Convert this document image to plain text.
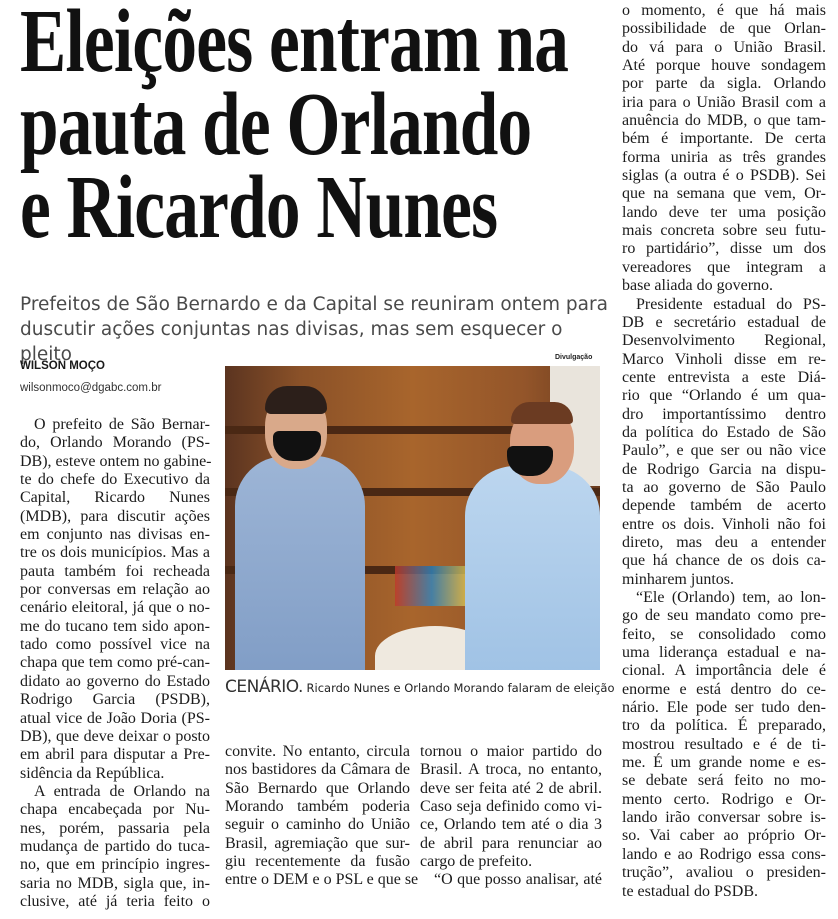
Eleições entram na
pauta de Orlando
e Ricardo Nunes
Prefeitos de São Bernardo e da Capital se reuniram ontem para
duscutir ações conjuntas nas divisas, mas sem esquecer o pleito
WILSON MOÇO
wilsonmoco@dgabc.com.br
Divulgação
CENÁRIO. Ricardo Nunes e Orlando Morando falaram de eleição
O prefeito de São Bernar-
do, Orlando Morando (PS-
DB), esteve ontem no gabine-
te do chefe do Executivo da
Capital, Ricardo Nunes
(MDB), para discutir ações
em conjunto nas divisas en-
tre os dois municípios. Mas a
pauta também foi recheada
por conversas em relação ao
cenário eleitoral, já que o no-
me do tucano tem sido apon-
tado como possível vice na
chapa que tem como pré-can-
didato ao governo do Estado
Rodrigo Garcia (PSDB),
atual vice de João Doria (PS-
DB), que deve deixar o posto
em abril para disputar a Pre-
sidência da República.
A entrada de Orlando na
chapa encabeçada por Nu-
nes, porém, passaria pela
mudança de partido do tuca-
no, que em princípio ingres-
saria no MDB, sigla que, in-
clusive, até já teria feito o
convite. No entanto, circula
nos bastidores da Câmara de
São Bernardo que Orlando
Morando também poderia
seguir o caminho do União
Brasil, agremiação que sur-
giu recentemente da fusão
entre o DEM e o PSL e que se
tornou o maior partido do
Brasil. A troca, no entanto,
deve ser feita até 2 de abril.
Caso seja definido como vi-
ce, Orlando tem até o dia 3
de abril para renunciar ao
cargo de prefeito.
“O que posso analisar, até
o momento, é que há mais
possibilidade de que Orlan-
do vá para o União Brasil.
Até porque houve sondagem
por parte da sigla. Orlando
iria para o União Brasil com a
anuência do MDB, o que tam-
bém é importante. De certa
forma uniria as três grandes
siglas (a outra é o PSDB). Sei
que na semana que vem, Or-
lando deve ter uma posição
mais concreta sobre seu futu-
ro partidário”, disse um dos
vereadores que integram a
base aliada do governo.
Presidente estadual do PS-
DB e secretário estadual de
Desenvolvimento Regional,
Marco Vinholi disse em re-
cente entrevista a este Diá-
rio que “Orlando é um qua-
dro importantíssimo dentro
da política do Estado de São
Paulo”, e que ser ou não vice
de Rodrigo Garcia na dispu-
ta ao governo de São Paulo
depende também de acerto
entre os dois. Vinholi não foi
direto, mas deu a entender
que há chance de os dois ca-
minharem juntos.
“Ele (Orlando) tem, ao lon-
go de seu mandato como pre-
feito, se consolidado como
uma liderança estadual e na-
cional. A importância dele é
enorme e está dentro do ce-
nário. Ele pode ser tudo den-
tro da política. É preparado,
mostrou resultado e é de ti-
me. É um grande nome e es-
se debate será feito no mo-
mento certo. Rodrigo e Or-
lando irão conversar sobre is-
so. Vai caber ao próprio Or-
lando e ao Rodrigo essa cons-
trução”, avaliou o presiden-
te estadual do PSDB.
